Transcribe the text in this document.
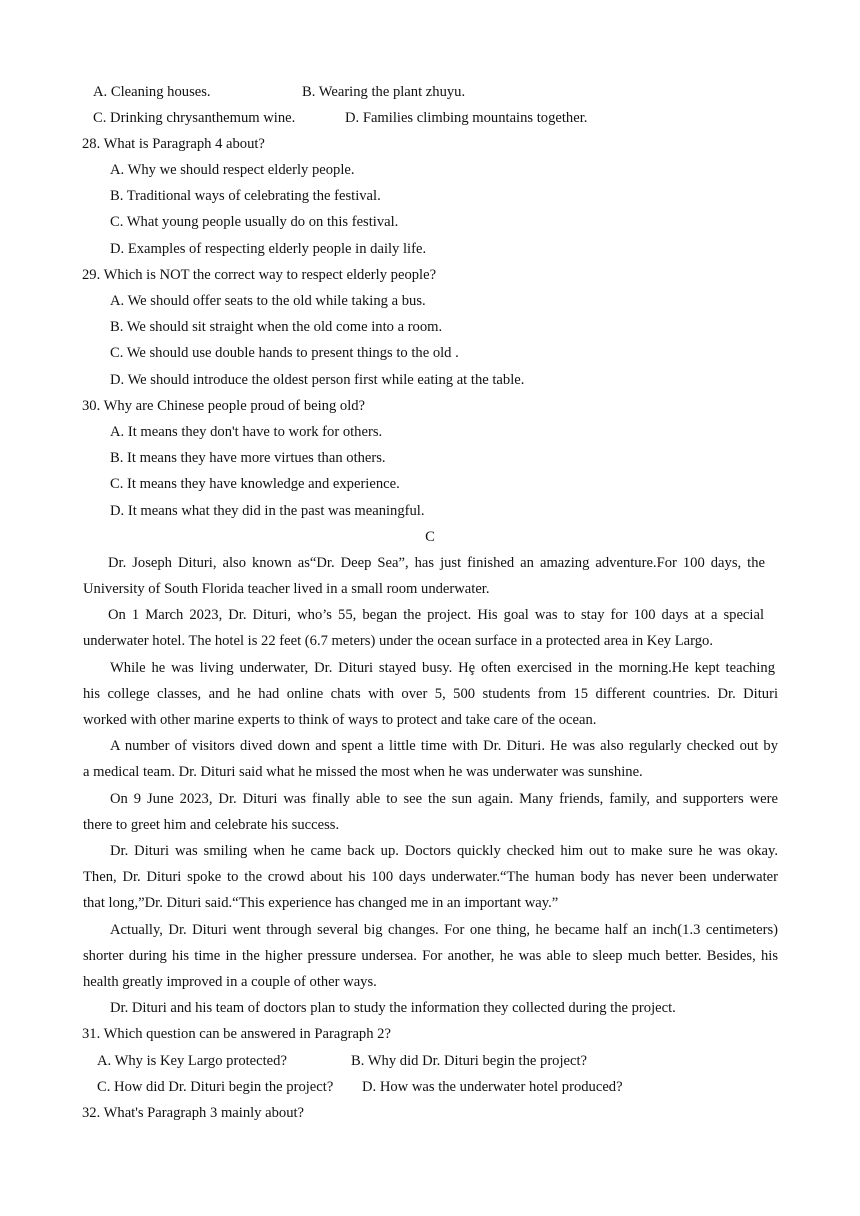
A. Cleaning houses.	B. Wearing the plant zhuyu.
C. Drinking chrysanthemum wine.	D. Families climbing mountains together.
28. What is Paragraph 4 about?
A. Why we should respect elderly people.
B. Traditional ways of celebrating the festival.
C. What young people usually do on this festival.
D. Examples of respecting elderly people in daily life.
29. Which is NOT the correct way to respect elderly people?
A. We should offer seats to the old while taking a bus.
B. We should sit straight when the old come into a room.
C. We should use double hands to present things to the old .
D. We should introduce the oldest person first while eating at the table.
30. Why are Chinese people proud of being old?
A. It means they don't have to work for others.
B. It means they have more virtues than others.
C. It means they have knowledge and experience.
D. It means what they did in the past was meaningful.
C
Dr. Joseph Dituri, also known as“Dr. Deep Sea”, has just finished an amazing adventure.For 100 days, the
University of South Florida teacher lived in a small room underwater.
On 1 March 2023, Dr. Dituri, who’s 55, began the project. His goal was to stay for 100 days at a special
underwater hotel. The hotel is 22 feet (6.7 meters) under the ocean surface in a protected area in Key Largo.
While he was living underwater, Dr. Dituri stayed busy. Hȩ often exercised in the morning.He kept teaching
his college classes, and he had online chats with over 5, 500 students from 15 different countries. Dr. Dituri
worked with other marine experts to think of ways to protect and take care of the ocean.
A number of visitors dived down and spent a little time with Dr. Dituri. He was also regularly checked out by
a medical team. Dr. Dituri said what he missed the most when he was underwater was sunshine.
On 9 June 2023, Dr. Dituri was finally able to see the sun again. Many friends, family, and supporters were
there to greet him and celebrate his success.
Dr. Dituri was smiling when he came back up. Doctors quickly checked him out to make sure he was okay.
Then, Dr. Dituri spoke to the crowd about his 100 days underwater.“The human body has never been underwater
that long,”Dr. Dituri said.“This experience has changed me in an important way.”
Actually, Dr. Dituri went through several big changes. For one thing, he became half an inch(1.3 centimeters)
shorter during his time in the higher pressure undersea. For another, he was able to sleep much better. Besides, his
health greatly improved in a couple of other ways.
Dr. Dituri and his team of doctors plan to study the information they collected during the project.
31. Which question can be answered in Paragraph 2?
A. Why is Key Largo protected?	B. Why did Dr. Dituri begin the project?
C. How did Dr. Dituri begin the project? D. How was the underwater hotel produced?
32. What's Paragraph 3 mainly about?
